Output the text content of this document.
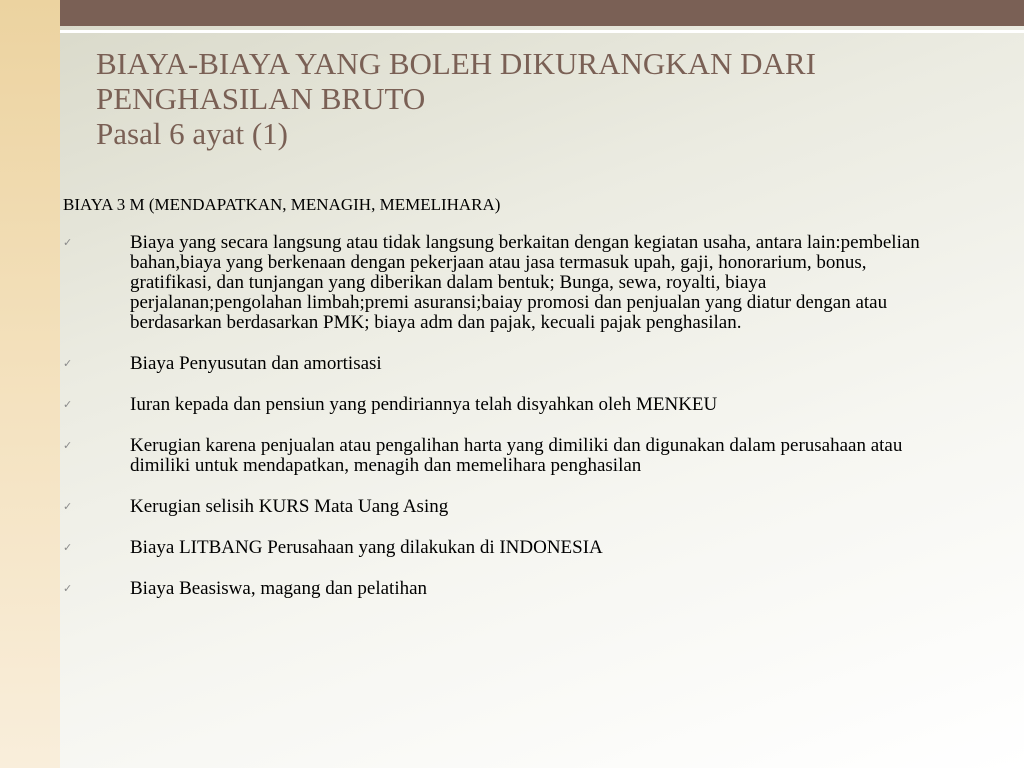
BIAYA-BIAYA YANG BOLEH DIKURANGKAN DARI
PENGHASILAN BRUTO
Pasal 6 ayat (1)
BIAYA 3 M (MENDAPATKAN, MENAGIH, MEMELIHARA)
✓	Biaya yang secara langsung atau tidak langsung berkaitan dengan kegiatan usaha, antara lain:pembelian bahan,biaya yang berkenaan dengan pekerjaan atau jasa termasuk upah, gaji, honorarium, bonus, gratifikasi, dan tunjangan yang diberikan dalam bentuk; Bunga, sewa, royalti, biaya perjalanan;pengolahan limbah;premi asuransi;baiay promosi dan penjualan yang diatur dengan atau berdasarkan berdasarkan PMK; biaya adm dan pajak, kecuali pajak penghasilan.
✓	Biaya Penyusutan dan amortisasi
✓	Iuran kepada dan pensiun yang pendiriannya telah disyahkan oleh MENKEU
✓	Kerugian karena penjualan atau pengalihan harta yang dimiliki dan digunakan dalam perusahaan atau dimiliki untuk mendapatkan, menagih dan memelihara penghasilan
✓	Kerugian selisih KURS Mata Uang Asing
✓	Biaya LITBANG Perusahaan yang dilakukan di INDONESIA
✓	Biaya Beasiswa, magang dan pelatihan
